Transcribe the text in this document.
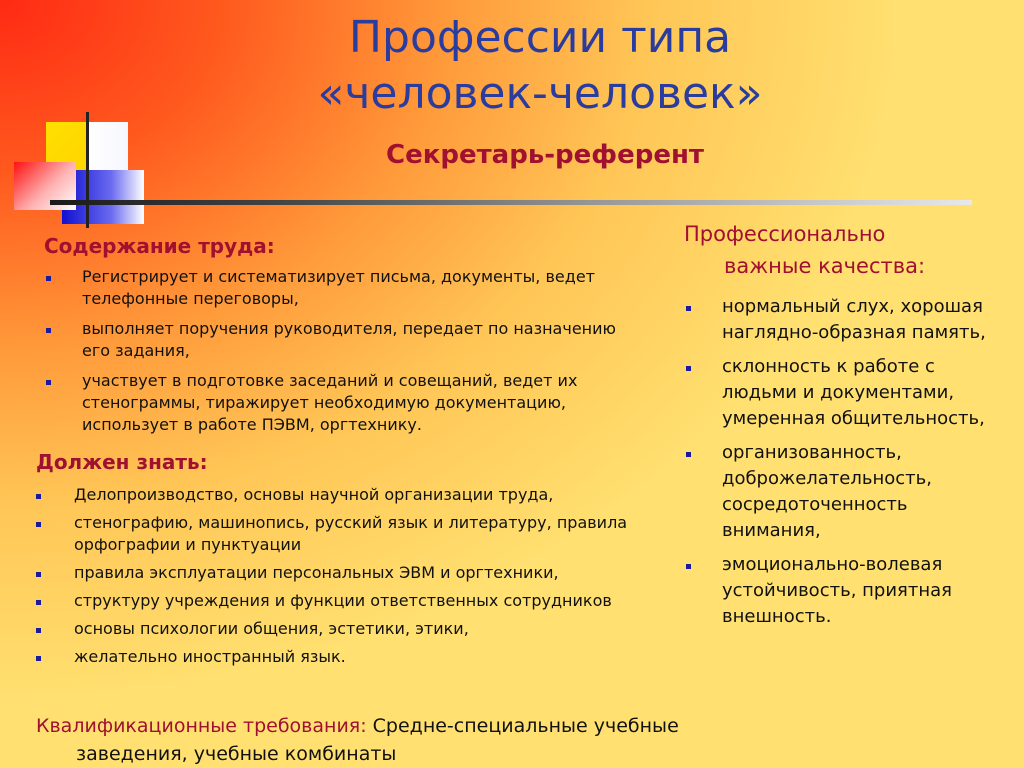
Профессии типа
«человек-человек»
Секретарь-референт
Содержание труда:
Регистрирует и систематизирует письма, документы, ведет телефонные переговоры,
выполняет поручения руководителя, передает по назначению его задания,
участвует в подготовке заседаний и совещаний, ведет их стенограммы, тиражирует необходимую документацию, использует в работе ПЭВМ, оргтехнику.
Должен знать:
Делопроизводство, основы научной организации труда,
стенографию, машинопись, русский язык и литературу, правила орфографии и пунктуации
правила эксплуатации персональных ЭВМ и оргтехники,
структуру учреждения и функции ответственных сотрудников
основы психологии общения, эстетики, этики,
желательно иностранный язык.
Профессионально
важные качества:
нормальный слух, хорошая наглядно-образная память,
склонность к работе с людьми и документами, умеренная общительность,
организованность, доброжелательность, сосредоточенность внимания,
эмоционально-волевая устойчивость, приятная внешность.

Квалификационные требования: Средне-специальные учебные
заведения, учебные комбинаты
